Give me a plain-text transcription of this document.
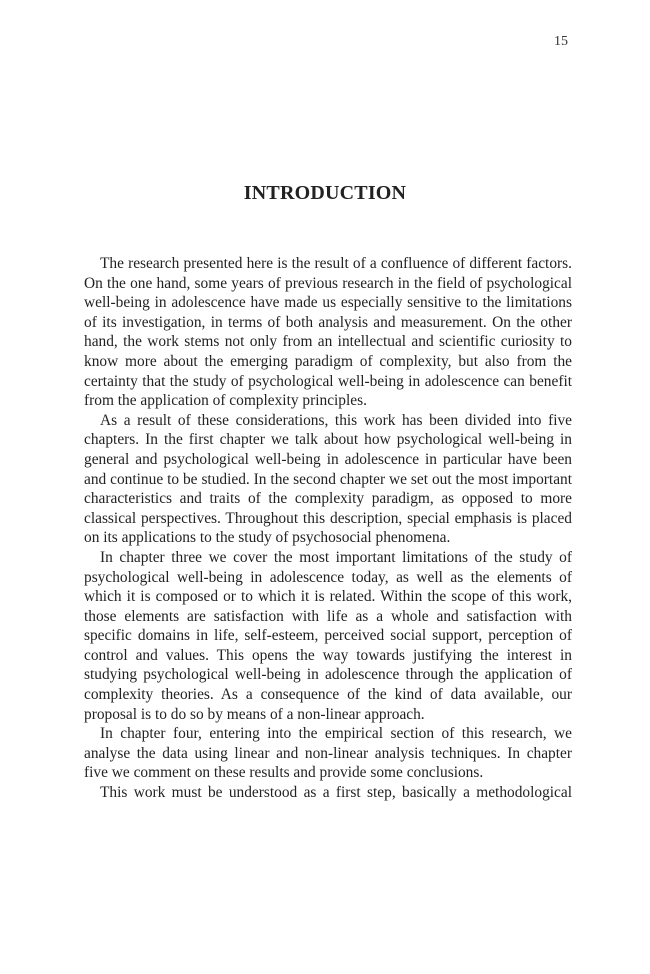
15
INTRODUCTION

The research presented here is the result of a confluence of different factors. On the one hand, some years of previous research in the field of psychological well-being in adolescence have made us especially sensitive to the limitations of its investigation, in terms of both analysis and measurement. On the other hand, the work stems not only from an intellectual and scientific curiosity to know more about the emerging paradigm of complexity, but also from the certainty that the study of psychological well-being in adolescence can benefit from the application of complexity principles.

As a result of these considerations, this work has been divided into five chapters. In the first chapter we talk about how psychological well-being in general and psychological well-being in adolescence in particular have been and continue to be studied. In the second chapter we set out the most important characteristics and traits of the complexity paradigm, as opposed to more classical perspectives. Throughout this description, special emphasis is placed on its applications to the study of psychosocial phenomena.

In chapter three we cover the most important limitations of the study of psychological well-being in adolescence today, as well as the elements of which it is composed or to which it is related. Within the scope of this work, those elements are satisfaction with life as a whole and satisfaction with specific domains in life, self-esteem, perceived social support, perception of control and values. This opens the way towards justifying the interest in studying psychological well-being in adolescence through the application of complexity theories. As a consequence of the kind of data available, our proposal is to do so by means of a non-linear approach.

In chapter four, entering into the empirical section of this research, we analyse the data using linear and non-linear analysis techniques. In chapter five we comment on these results and provide some conclusions.

This work must be understood as a first step, basically a methodological
